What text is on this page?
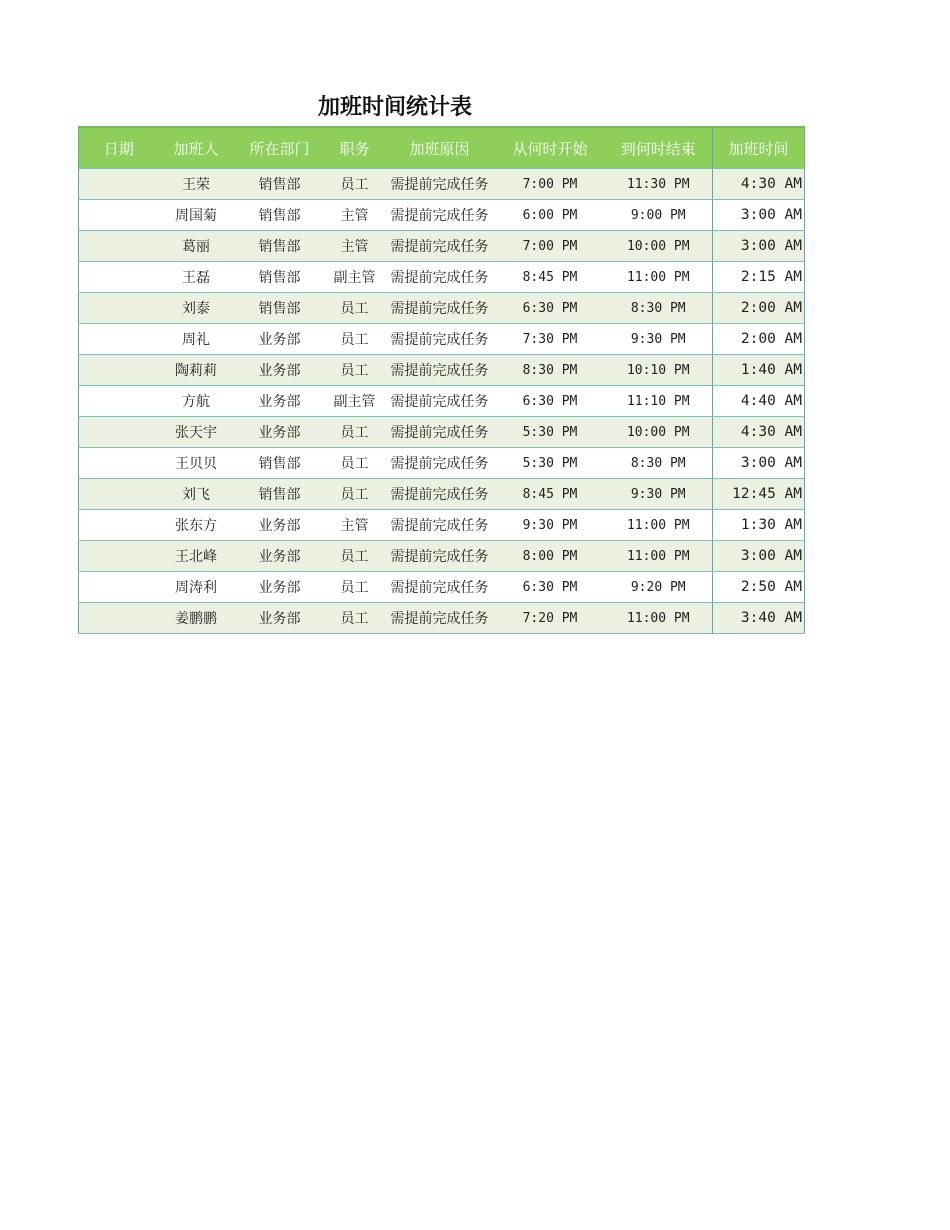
加班时间统计表
日期	加班人	所在部门	职务	加班原因	从何时开始	到何时结束	加班时间
	王荣	销售部	员工	需提前完成任务	7:00 PM	11:30 PM	4:30 AM
	周国菊	销售部	主管	需提前完成任务	6:00 PM	9:00 PM	3:00 AM
	葛丽	销售部	主管	需提前完成任务	7:00 PM	10:00 PM	3:00 AM
	王磊	销售部	副主管	需提前完成任务	8:45 PM	11:00 PM	2:15 AM
	刘泰	销售部	员工	需提前完成任务	6:30 PM	8:30 PM	2:00 AM
	周礼	业务部	员工	需提前完成任务	7:30 PM	9:30 PM	2:00 AM
	陶莉莉	业务部	员工	需提前完成任务	8:30 PM	10:10 PM	1:40 AM
	方航	业务部	副主管	需提前完成任务	6:30 PM	11:10 PM	4:40 AM
	张天宇	业务部	员工	需提前完成任务	5:30 PM	10:00 PM	4:30 AM
	王贝贝	销售部	员工	需提前完成任务	5:30 PM	8:30 PM	3:00 AM
	刘飞	销售部	员工	需提前完成任务	8:45 PM	9:30 PM	12:45 AM
	张东方	业务部	主管	需提前完成任务	9:30 PM	11:00 PM	1:30 AM
	王北峰	业务部	员工	需提前完成任务	8:00 PM	11:00 PM	3:00 AM
	周涛利	业务部	员工	需提前完成任务	6:30 PM	9:20 PM	2:50 AM
	姜鹏鹏	业务部	员工	需提前完成任务	7:20 PM	11:00 PM	3:40 AM
